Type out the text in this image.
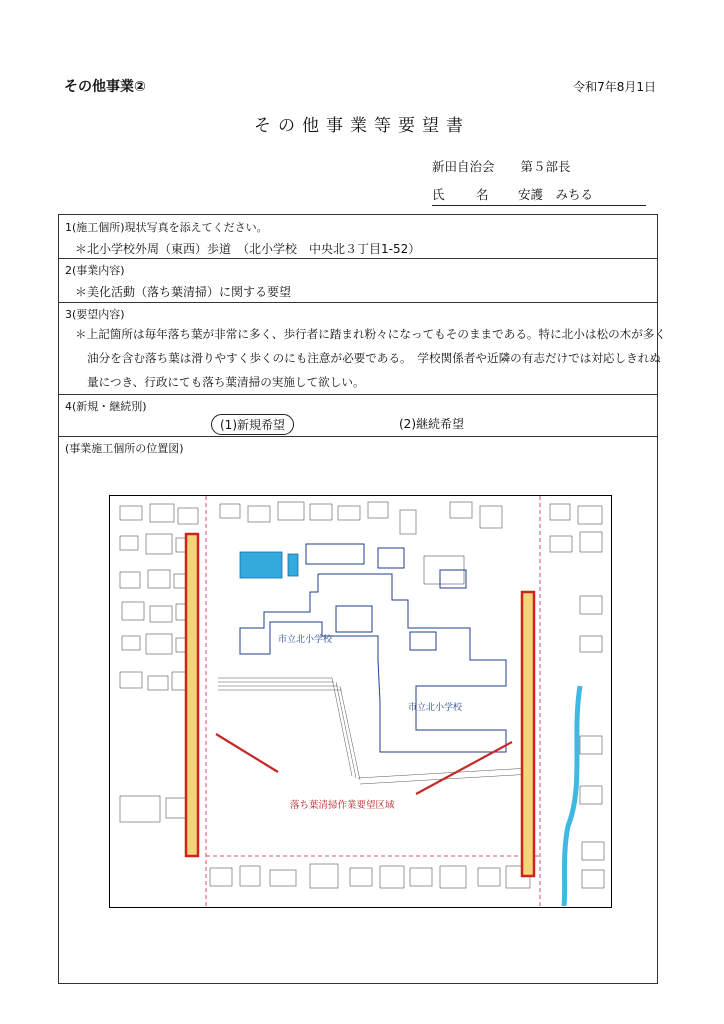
その他事業②	令和7年8月1日
その他事業等要望書
新田自治会 第５部長
氏	名 安護　みちる
1(施工個所)現状写真を添えてください。
＊北小学校外周（東西）歩道　（北小学校　中央北３丁目1-52）
2(事業内容)
＊美化活動（落ち葉清掃）に関する要望
3(要望内容)
＊上記箇所は毎年落ち葉が非常に多く、歩行者に踏まれ粉々になってもそのままである。特に北小は松の木が多く
油分を含む落ち葉は滑りやすく歩くのにも注意が必要である。　学校関係者や近隣の有志だけでは対応しきれぬ
量につき、行政にても落ち葉清掃の実施して欲しい。
4(新規・継続別)
(1)新規希望	(2)継続希望
(事業施工個所の位置図)
市立北小学校
市立北小学校
落ち葉清掃作業要望区域
